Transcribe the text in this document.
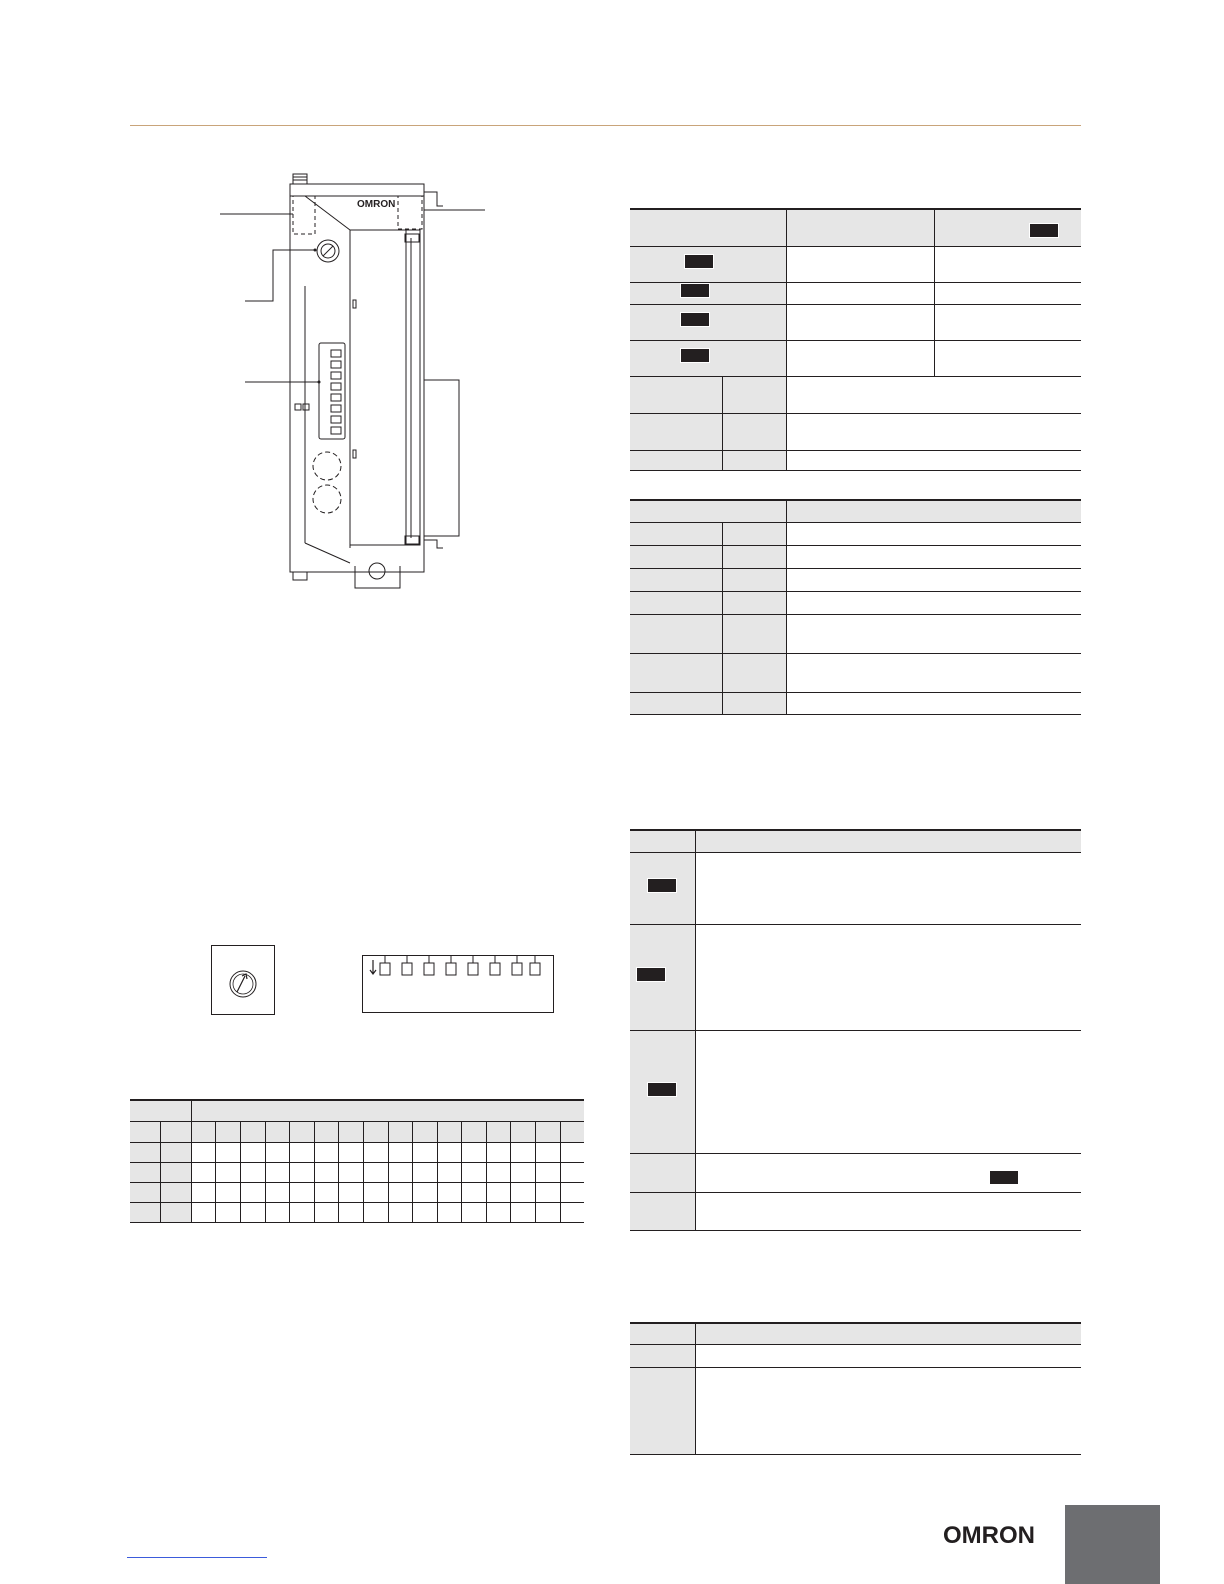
OMRON

OMRON
